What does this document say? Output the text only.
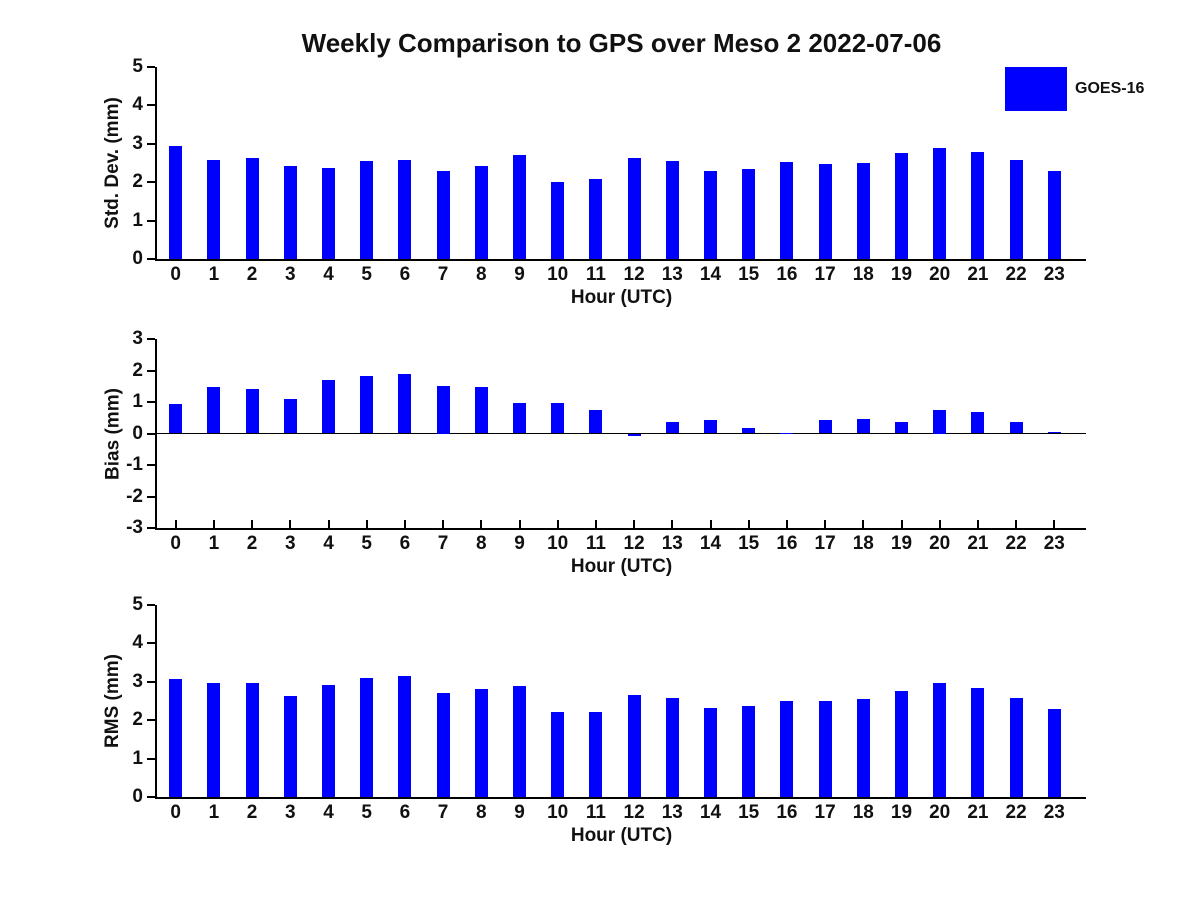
Weekly Comparison to GPS over Meso 2 2022-07-06
GOES-16
Std. Dev. (mm)
Hour (UTC)
0
1
2
3
4
5
0	1	2	3	4	5	6	7	8	9	10 11 12 13 14 15 16 17 18 19 20 21 22 23
Bias (mm)
Hour (UTC)
3
2
1
0
-1
-2
-3
0	1	2	3	4	5	6	7	8	9	10 11 12 13 14 15 16 17 18 19 20 21 22 23
RMS (mm)
Hour (UTC)
0
1
2
3
4
5
0	1	2	3	4	5	6	7	8	9	10 11 12 13 14 15 16 17 18 19 20 21 22 23
